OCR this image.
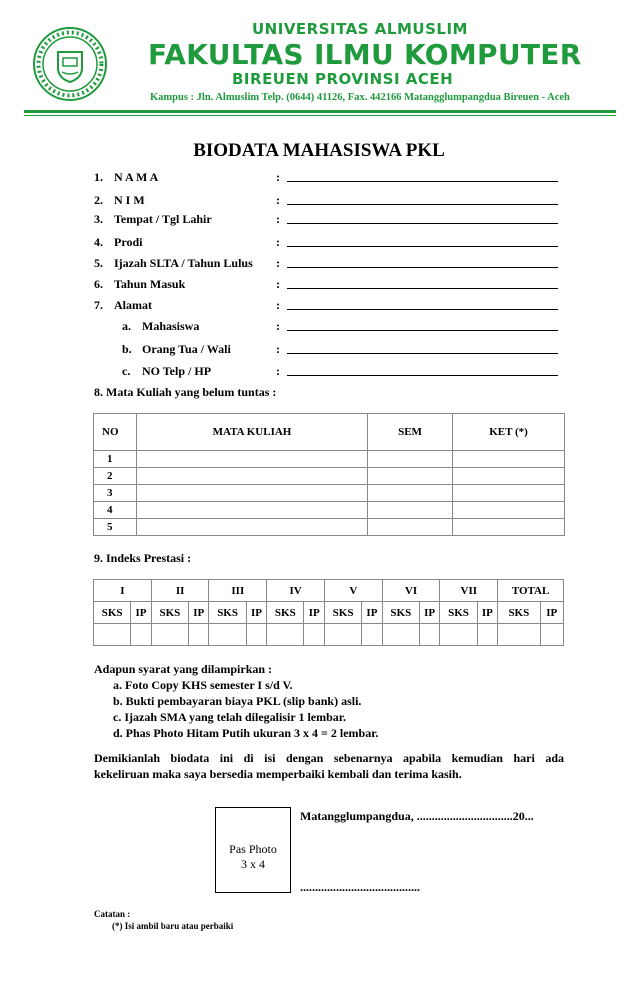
UNIVERSITAS ALMUSLIM
FAKULTAS ILMU KOMPUTER
BIREUEN PROVINSI ACEH
Kampus : Jln. Almuslim Telp. (0644) 41126, Fax. 442166 Matangglumpangdua Bireuen - Aceh
BIODATA MAHASISWA PKL
1. N A M A	:
2. N I M	:
3. Tempat / Tgl Lahir	:
4. Prodi	:
5. Ijazah SLTA / Tahun Lulus :
6. Tahun Masuk	:
7. Alamat	:
a. Mahasiswa	:
b. Orang Tua / Wali	:
c. NO Telp / HP	:
8. Mata Kuliah yang belum tuntas :
NO	MATA KULIAH	SEM	KET (*)
1			
2			
3			
4			
5			
9. Indeks Prestasi :
I		II		III		IV		V		VI		VII		TOTAL	
SKS	IP	SKS	IP	SKS	IP	SKS	IP	SKS	IP	SKS	IP	SKS	IP	SKS	IP

Adapun syarat yang dilampirkan :
a. Foto Copy KHS semester I s/d V.
b. Bukti pembayaran biaya PKL (slip bank) asli.
c. Ijazah SMA yang telah dilegalisir 1 lembar.
d. Phas Photo Hitam Putih ukuran 3 x 4 = 2 lembar.
Demikianlah biodata ini di isi dengan sebenarnya apabila kemudian hari ada
kekeliruan maka saya bersedia memperbaiki kembali dan terima kasih.
Pas Photo
3 x 4
Matangglumpangdua, ................................20...
........................................
Catatan :
(*) Isi ambil baru atau perbaiki
